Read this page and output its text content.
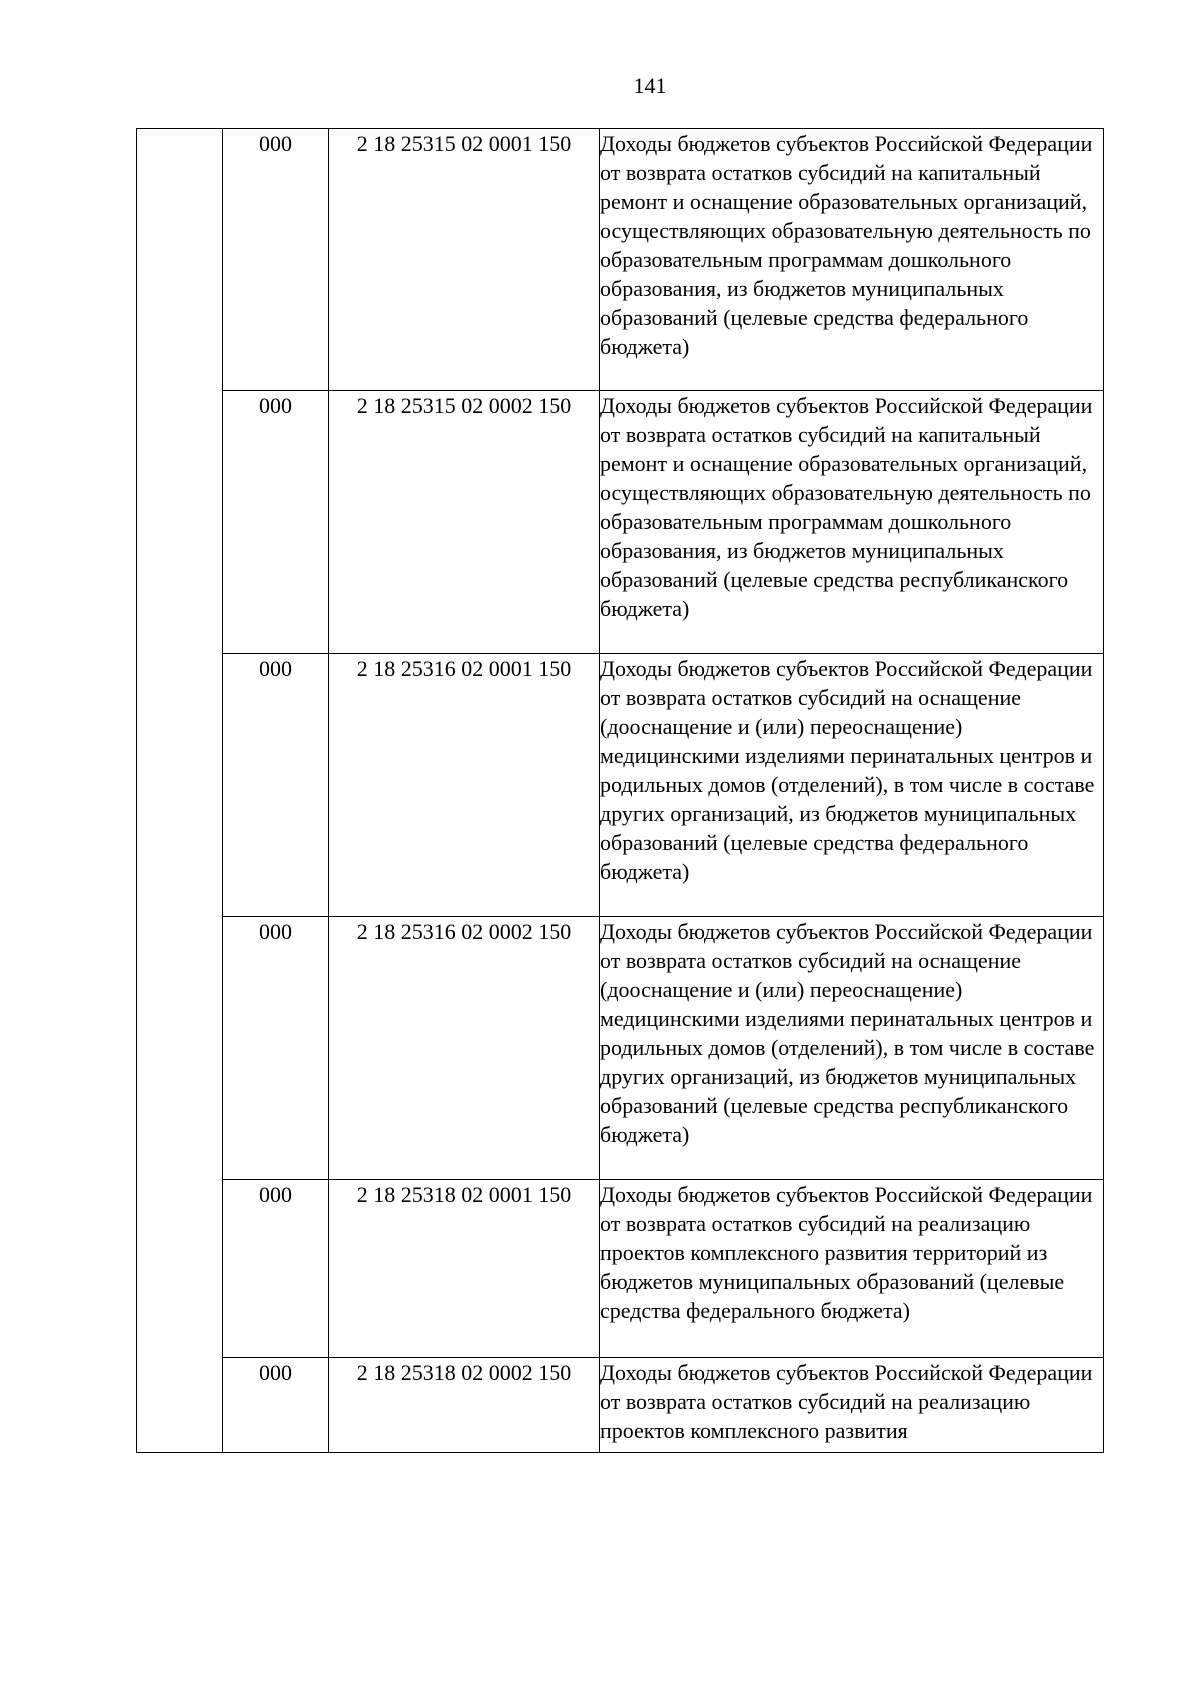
141
	000	2 18 25315 02 0001 150	Доходы бюджетов субъектов Российской Федерации от возврата остатков субсидий на капитальный ремонт и оснащение образовательных организаций, осуществляющих образовательную деятельность по образовательным программам дошкольного образования, из бюджетов муниципальных образований (целевые средства федерального бюджета)
	000	2 18 25315 02 0002 150	Доходы бюджетов субъектов Российской Федерации от возврата остатков субсидий на капитальный ремонт и оснащение образовательных организаций, осуществляющих образовательную деятельность по образовательным программам дошкольного образования, из бюджетов муниципальных образований (целевые средства республиканского бюджета)
	000	2 18 25316 02 0001 150	Доходы бюджетов субъектов Российской Федерации от возврата остатков субсидий на оснащение (дооснащение и (или) переоснащение) медицинскими изделиями перинатальных центров и родильных домов (отделений), в том числе в составе других организаций, из бюджетов муниципальных образований (целевые средства федерального бюджета)
	000	2 18 25316 02 0002 150	Доходы бюджетов субъектов Российской Федерации от возврата остатков субсидий на оснащение (дооснащение и (или) переоснащение) медицинскими изделиями перинатальных центров и родильных домов (отделений), в том числе в составе других организаций, из бюджетов муниципальных образований (целевые средства республиканского бюджета)
	000	2 18 25318 02 0001 150	Доходы бюджетов субъектов Российской Федерации от возврата остатков субсидий на реализацию проектов комплексного развития территорий из бюджетов муниципальных образований (целевые средства федерального бюджета)
	000	2 18 25318 02 0002 150	Доходы бюджетов субъектов Российской Федерации от возврата остатков субсидий на реализацию проектов комплексного развития
